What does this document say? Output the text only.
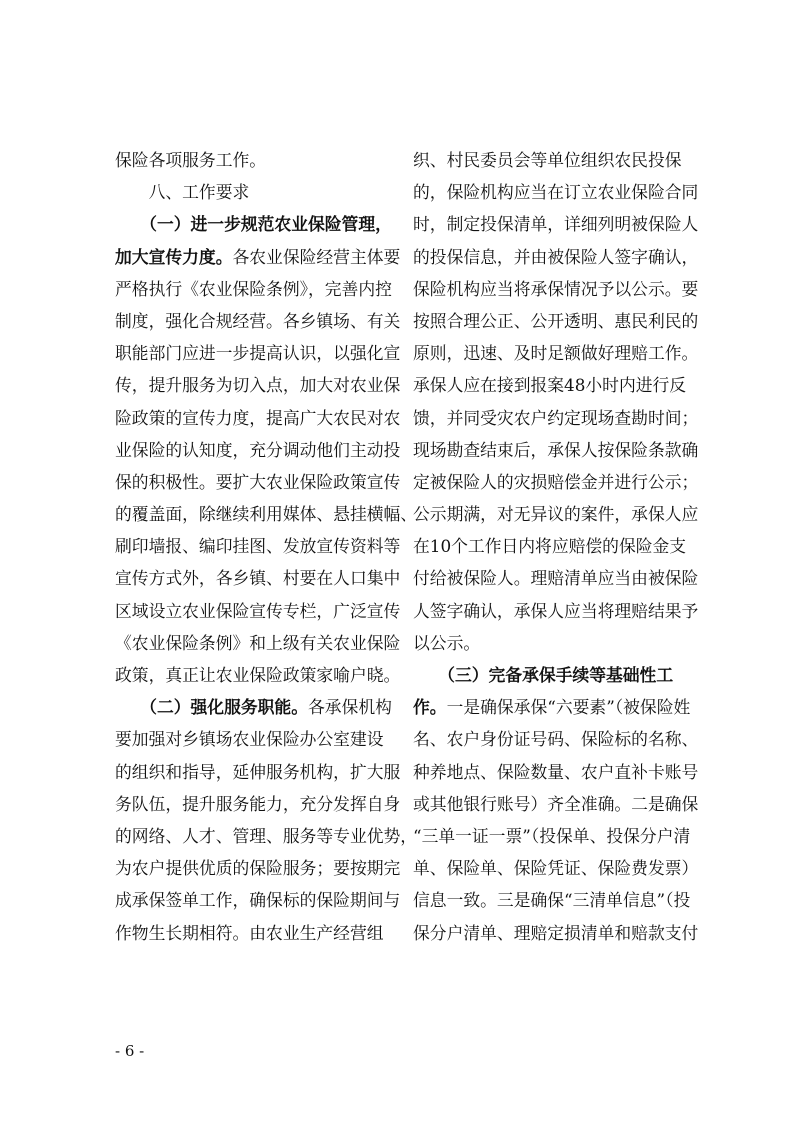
保险各项服务工作。
　　八、工作要求
　　（一）进一步规范农业保险管理，
加大宣传力度。各农业保险经营主体要
严格执行《农业保险条例》，完善内控
制度，强化合规经营。各乡镇场、有关
职能部门应进一步提高认识，以强化宣
传，提升服务为切入点，加大对农业保
险政策的宣传力度，提高广大农民对农
业保险的认知度，充分调动他们主动投
保的积极性。要扩大农业保险政策宣传
的覆盖面，除继续利用媒体、悬挂横幅、
刷印墙报、编印挂图、发放宣传资料等
宣传方式外，各乡镇、村要在人口集中
区域设立农业保险宣传专栏，广泛宣传
《农业保险条例》和上级有关农业保险
政策，真正让农业保险政策家喻户晓。
　　（二）强化服务职能。各承保机构
要加强对乡镇场农业保险办公室建设
的组织和指导，延伸服务机构，扩大服
务队伍，提升服务能力，充分发挥自身
的网络、人才、管理、服务等专业优势，
为农户提供优质的保险服务；要按期完
成承保签单工作，确保标的保险期间与
作物生长期相符。由农业生产经营组
织、村民委员会等单位组织农民投保
的，保险机构应当在订立农业保险合同
时，制定投保清单，详细列明被保险人
的投保信息，并由被保险人签字确认，
保险机构应当将承保情况予以公示。要
按照合理公正、公开透明、惠民利民的
原则，迅速、及时足额做好理赔工作。
承保人应在接到报案48小时内进行反
馈，并同受灾农户约定现场查勘时间；
现场勘查结束后，承保人按保险条款确
定被保险人的灾损赔偿金并进行公示；
公示期满，对无异议的案件，承保人应
在10个工作日内将应赔偿的保险金支
付给被保险人。理赔清单应当由被保险
人签字确认，承保人应当将理赔结果予
以公示。
　　（三）完备承保手续等基础性工
作。一是确保承保“六要素”（被保险姓
名、农户身份证号码、保险标的名称、
种养地点、保险数量、农户直补卡账号
或其他银行账号）齐全准确。二是确保
“三单一证一票”（投保单、投保分户清
单、保险单、保险凭证、保险费发票）
信息一致。三是确保“三清单信息”（投
保分户清单、理赔定损清单和赔款支付
- 6 -
